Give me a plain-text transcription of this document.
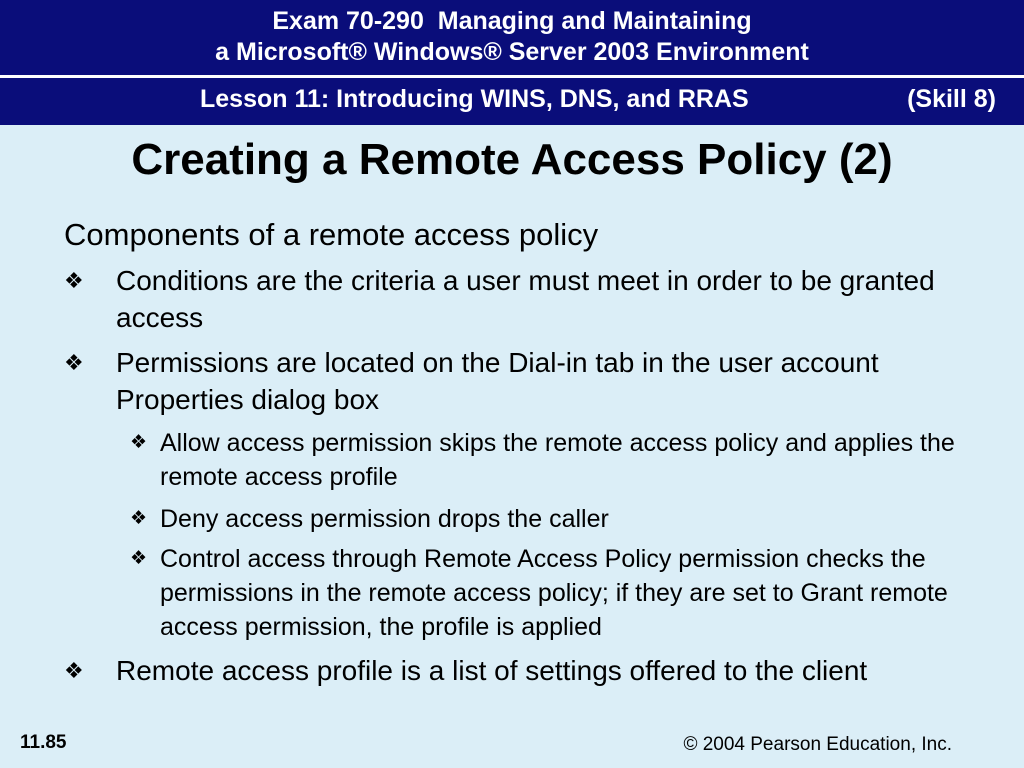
Exam 70-290  Managing and Maintaining
a Microsoft® Windows® Server 2003 Environment
Lesson 11: Introducing WINS, DNS, and RRAS	(Skill 8)
Creating a Remote Access Policy (2)
Components of a remote access policy
❖ Conditions are the criteria a user must meet in order to be granted access
❖ Permissions are located on the Dial-in tab in the user account Properties dialog box
❖ Allow access permission skips the remote access policy and applies the remote access profile
❖ Deny access permission drops the caller
❖ Control access through Remote Access Policy permission checks the permissions in the remote access policy; if they are set to Grant remote access permission, the profile is applied
❖ Remote access profile is a list of settings offered to the client
11.85	© 2004 Pearson Education, Inc.
